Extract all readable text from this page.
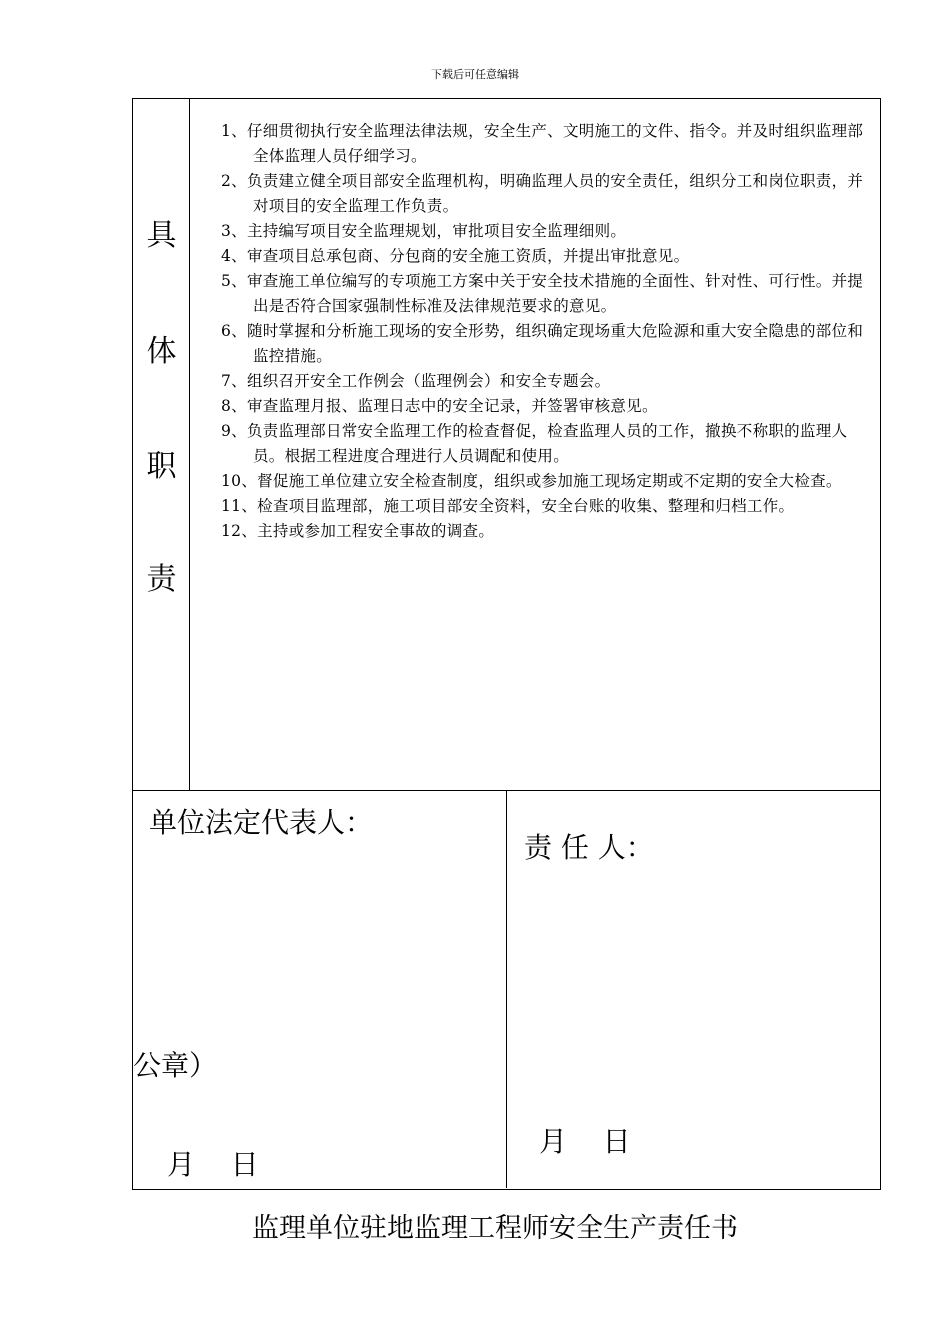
下载后可任意编辑
具
体
职
责
1、仔细贯彻执行安全监理法律法规，安全生产、文明施工的文件、指令。并及时组织监理部全体监理人员仔细学习。
2、负责建立健全项目部安全监理机构，明确监理人员的安全责任，组织分工和岗位职责，并对项目的安全监理工作负责。
3、主持编写项目安全监理规划，审批项目安全监理细则。
4、审查项目总承包商、分包商的安全施工资质，并提出审批意见。
5、审查施工单位编写的专项施工方案中关于安全技术措施的全面性、针对性、可行性。并提出是否符合国家强制性标准及法律规范要求的意见。
6、随时掌握和分析施工现场的安全形势，组织确定现场重大危险源和重大安全隐患的部位和监控措施。
7、组织召开安全工作例会（监理例会）和安全专题会。
8、审查监理月报、监理日志中的安全记录，并签署审核意见。
9、负责监理部日常安全监理工作的检查督促，检查监理人员的工作，撤换不称职的监理人员。根据工程进度合理进行人员调配和使用。
10、督促施工单位建立安全检查制度，组织或参加施工现场定期或不定期的安全大检查。
11、检查项目监理部，施工项目部安全资料，安全台账的收集、整理和归档工作。
12、主持或参加工程安全事故的调查。
单位法定代表人：
公章）
月    日
责 任 人：
月    日
监理单位驻地监理工程师安全生产责任书
